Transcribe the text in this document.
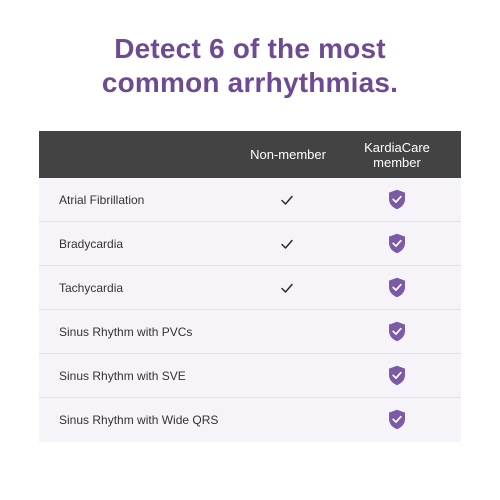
Detect 6 of the most
common arrhythmias.
Non-member	KardiaCare
member
Atrial Fibrillation
Bradycardia
Tachycardia
Sinus Rhythm with PVCs
Sinus Rhythm with SVE
Sinus Rhythm with Wide QRS
